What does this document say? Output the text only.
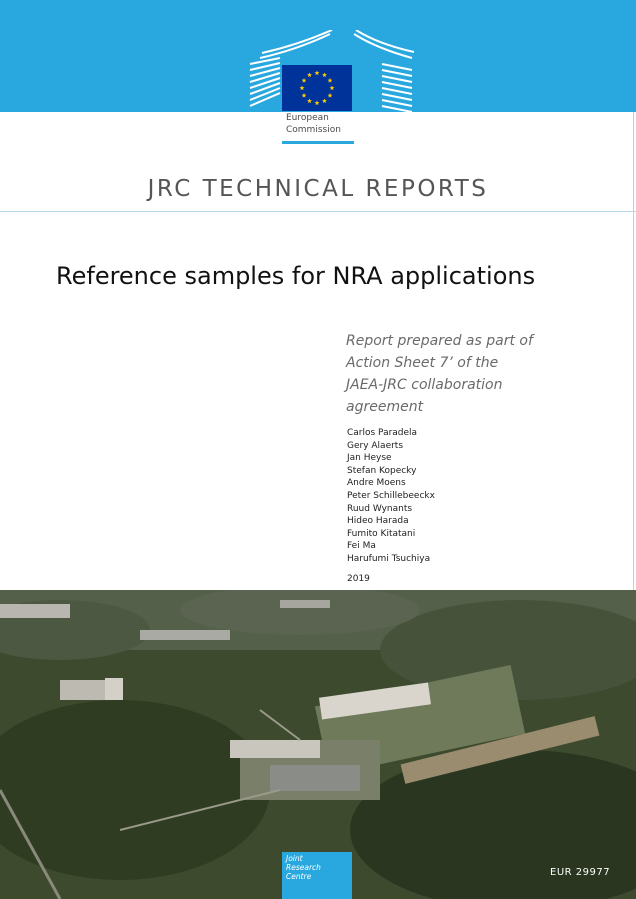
European
Commission
JRC TECHNICAL REPORTS
Reference samples for NRA applications
Report prepared as part of
Action Sheet 7’ of the
JAEA-JRC collaboration
agreement
Carlos Paradela
Gery Alaerts
Jan Heyse
Stefan Kopecky
Andre Moens
Peter Schillebeeckx
Ruud Wynants
Hideo Harada
Fumito Kitatani
Fei Ma
Harufumi Tsuchiya
2019
Joint
Research
Centre	EUR 29977
